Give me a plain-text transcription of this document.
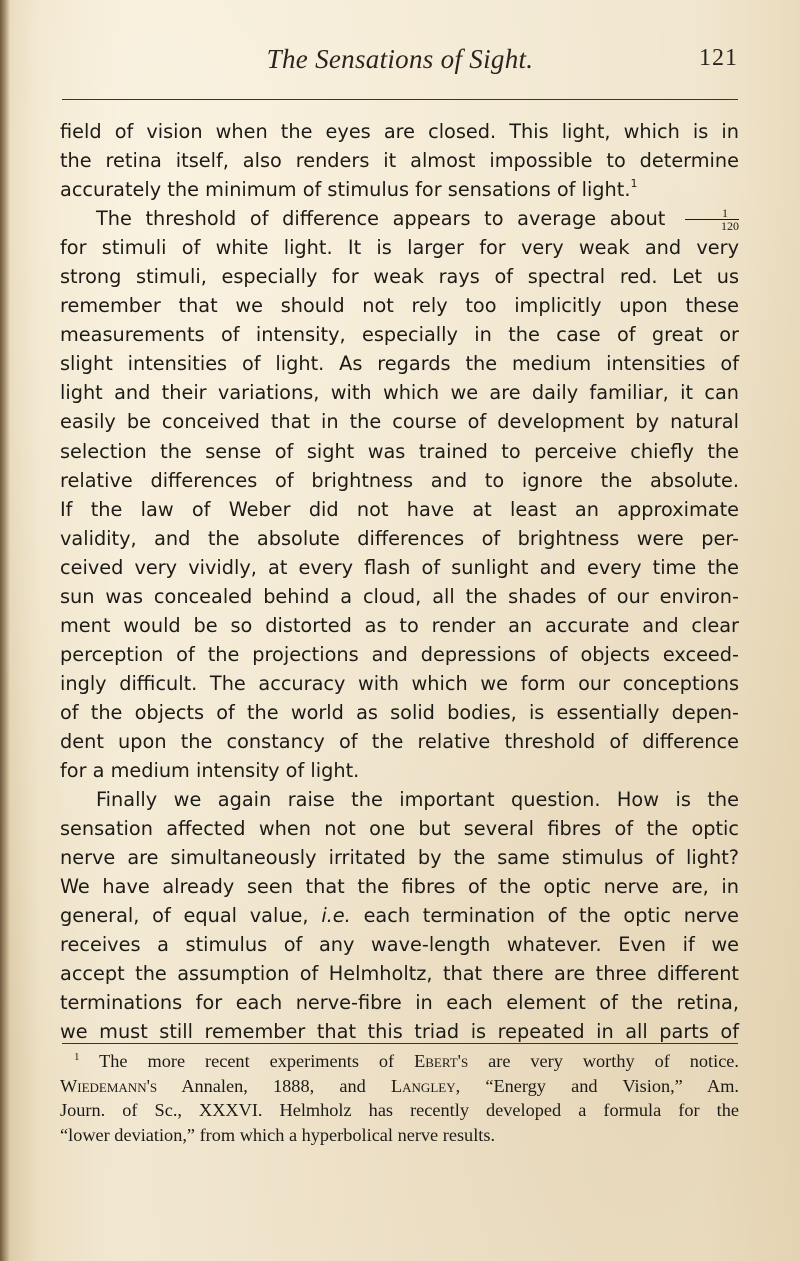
The Sensations of Sight.	121

field of vision when the eyes are closed. This light, which is in

the retina itself, also renders it almost impossible to determine

accurately the minimum of stimulus for sensations of light.$^1$

The threshold of difference appears to average about $\frac{1}{120}$

for stimuli of white light. It is larger for very weak and very

strong stimuli, especially for weak rays of spectral red. Let us

remember that we should not rely too implicitly upon these

measurements of intensity, especially in the case of great or

slight intensities of light. As regards the medium intensities of

light and their variations, with which we are daily familiar, it can

easily be conceived that in the course of development by natural

selection the sense of sight was trained to perceive chiefly the

relative differences of brightness and to ignore the absolute.

If the law of Weber did not have at least an approximate

validity, and the absolute differences of brightness were per-

ceived very vividly, at every flash of sunlight and every time the

sun was concealed behind a cloud, all the shades of our environ-

ment would be so distorted as to render an accurate and clear

perception of the projections and depressions of objects exceed-

ingly difficult. The accuracy with which we form our conceptions

of the objects of the world as solid bodies, is essentially depen-

dent upon the constancy of the relative threshold of difference

for a medium intensity of light.

Finally we again raise the important question. How is the

sensation affected when not one but several fibres of the optic

nerve are simultaneously irritated by the same stimulus of light?

We have already seen that the fibres of the optic nerve are, in

general, of equal value, i.e. each termination of the optic nerve

receives a stimulus of any wave-length whatever. Even if we

accept the assumption of Helmholtz, that there are three different

terminations for each nerve-fibre in each element of the retina,

we must still remember that this triad is repeated in all parts of

$^1$ The more recent experiments of Ebert's are very worthy of notice.

Wiedemann's Annalen, 1888, and Langley, “Energy and Vision,” Am.

Journ. of Sc., XXXVI. Helmholz has recently developed a formula for the

“lower deviation,” from which a hyperbolical nerve results.
